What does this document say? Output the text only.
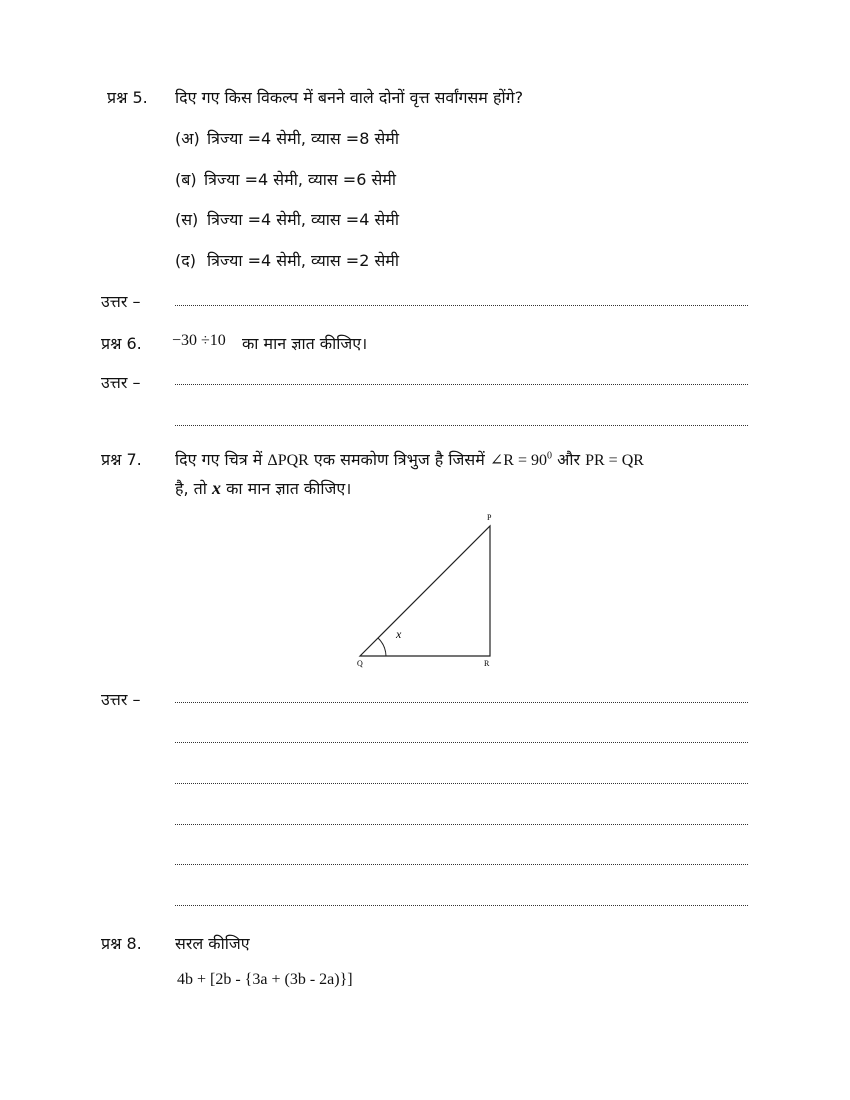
प्रश्न 5. दिए गए किस विकल्प में बनने वाले दोनों वृत्त सर्वांगसम होंगे?
(अ) त्रिज्या =4 सेमी, व्यास =8 सेमी
(ब) त्रिज्या =4 सेमी, व्यास =6 सेमी
(स) त्रिज्या =4 सेमी, व्यास =4 सेमी
(द) त्रिज्या =4 सेमी, व्यास =2 सेमी
उत्तर –
प्रश्न 6. −30 ÷10 का मान ज्ञात कीजिए।
उत्तर –
प्रश्न 7. दिए गए चित्र में ΔPQR एक समकोण त्रिभुज है जिसमें ∠R = $90^0$ और PR = QR
है, तो x का मान ज्ञात कीजिए।
P
Q	R
x
उत्तर –
प्रश्न 8. सरल कीजिए
4b + [2b - {3a + (3b - 2a)}]
